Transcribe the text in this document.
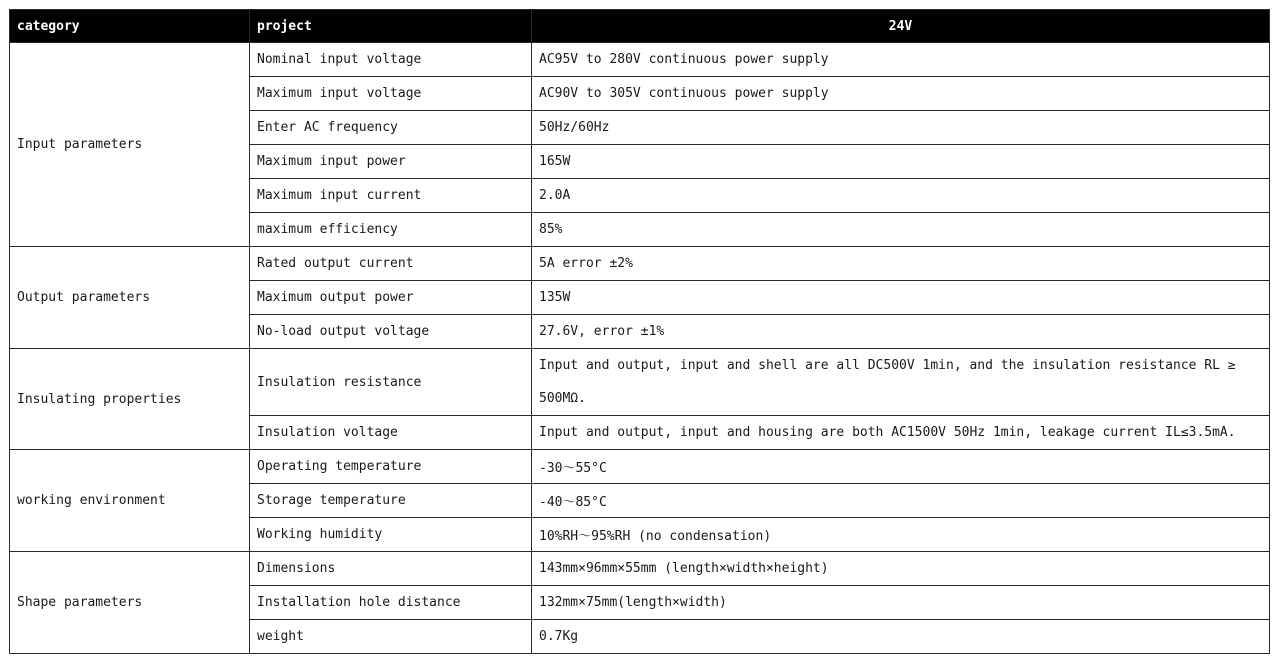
category	project	24V
Input parameters	Nominal input voltage	AC95V to 280V continuous power supply
	Maximum input voltage	AC90V to 305V continuous power supply
	Enter AC frequency	50Hz/60Hz
	Maximum input power	165W
	Maximum input current	2.0A
	maximum efficiency	85%
Output parameters	Rated output current	5A error ±2%
	Maximum output power	135W
	No-load output voltage	27.6V, error ±1%
Insulating properties	Insulation resistance	Input and output, input and shell are all DC500V 1min, and the insulation resistance RL ≥ 500MΩ.
	Insulation voltage	Input and output, input and housing are both AC1500V 50Hz 1min, leakage current IL≤3.5mA.
working environment	Operating temperature	-30～55°C
	Storage temperature	-40～85°C
	Working humidity	10%RH～95%RH (no condensation)
Shape parameters	Dimensions	143mm×96mm×55mm (length×width×height)
	Installation hole distance	132mm×75mm(length×width)
	weight	0.7Kg
